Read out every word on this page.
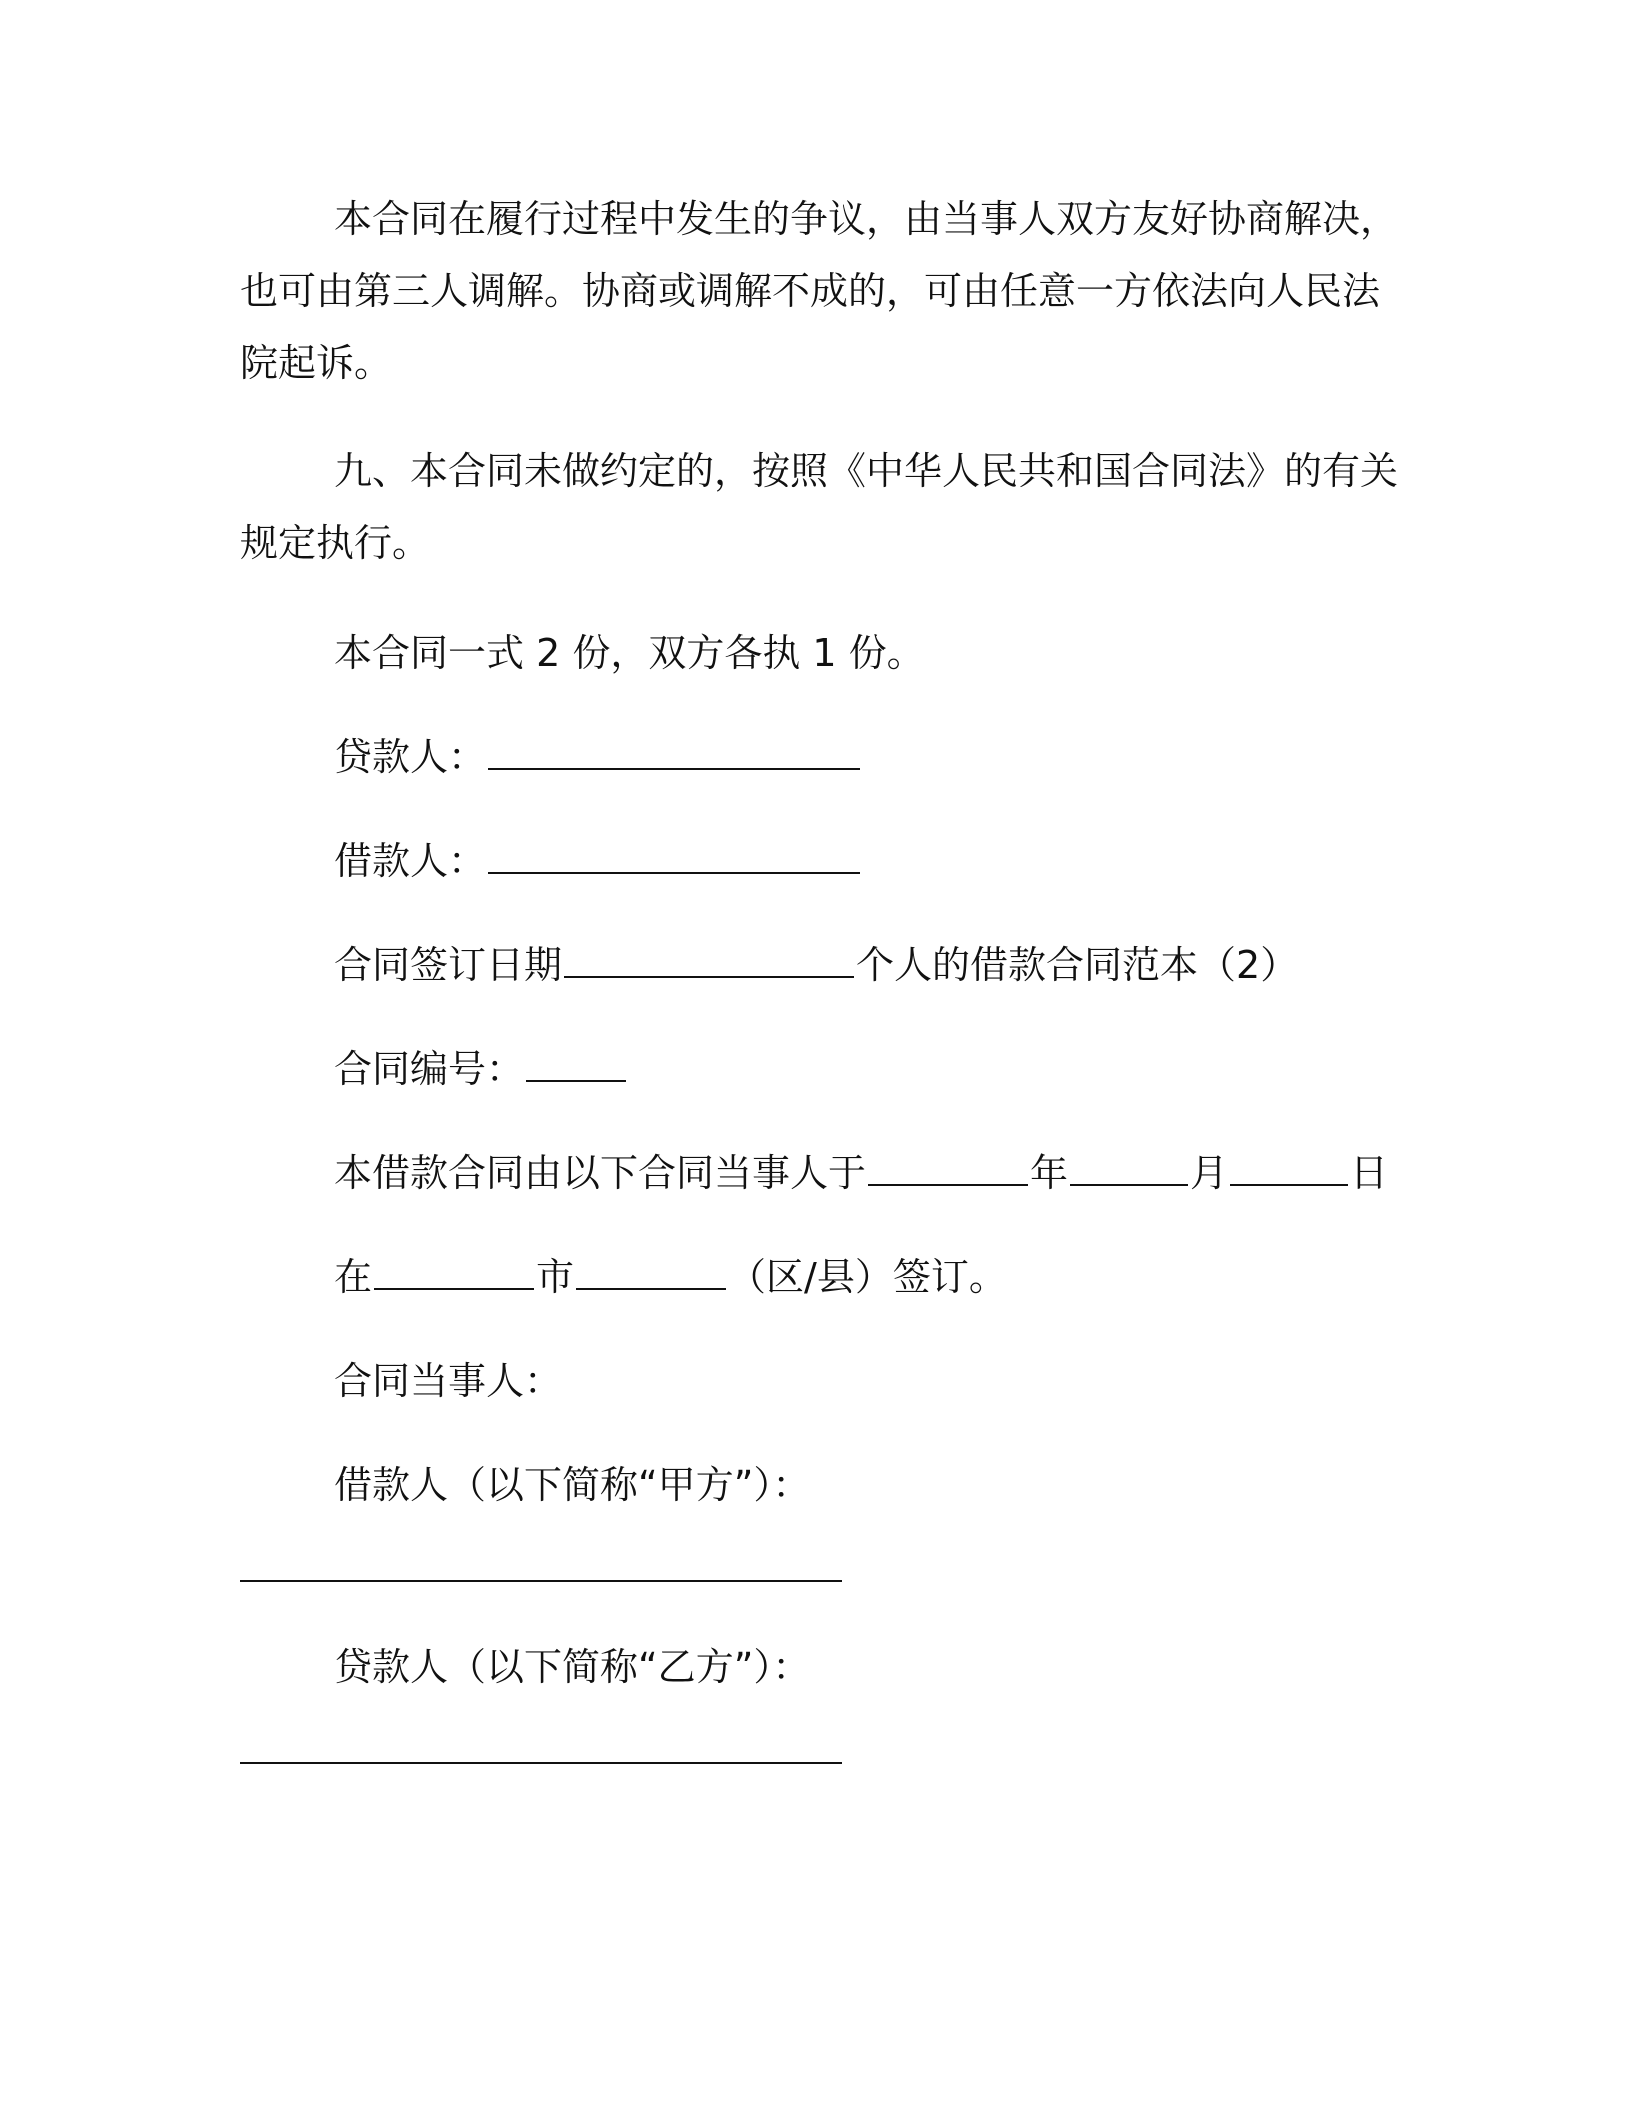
本合同在履行过程中发生的争议，由当事人双方友好协商解决，
也可由第三人调解。协商或调解不成的，可由任意一方依法向人民法
院起诉。
九、本合同未做约定的，按照《中华人民共和国合同法》的有关
规定执行。
本合同一式 2 份，双方各执 1 份。
贷款人：
借款人：
合同签订日期	个人的借款合同范本（2）
合同编号：
本借款合同由以下合同当事人于	年	月	日
在	市	（区/县）签订。
合同当事人：
借款人（以下简称“甲方”）：
贷款人（以下简称“乙方”）：
